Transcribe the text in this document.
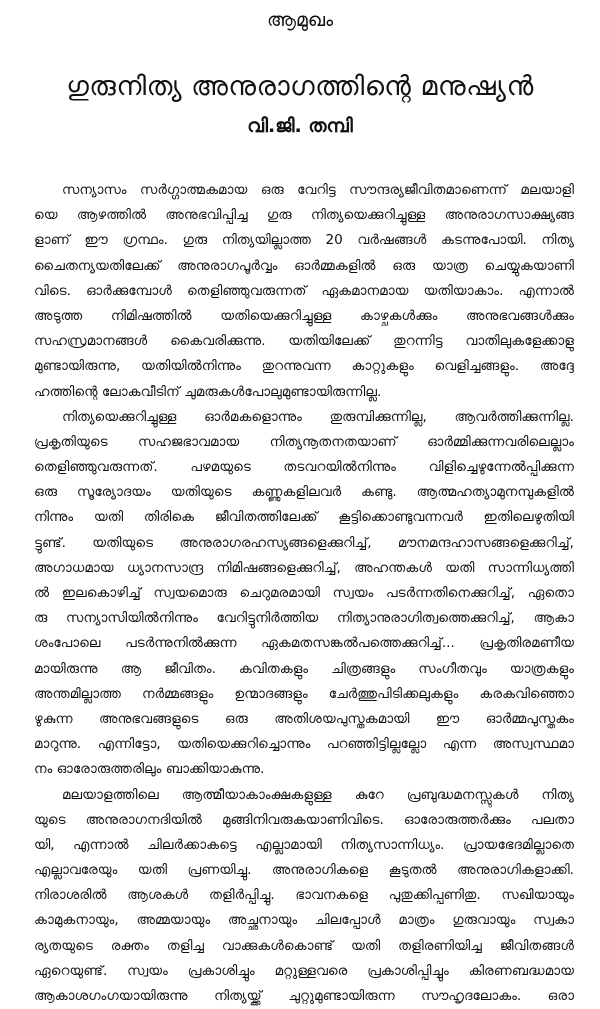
ആമുഖം
ഗുരുനിത്യ അനുരാഗത്തിന്റെ മനുഷ്യൻ
വി.ജി. തമ്പി
സന്യാസം സർഗ്ഗാത്മകമായ ഒരു വേറിട്ട സൗന്ദര്യജീവിതമാണെന്ന് മലയാളി
യെ ആഴത്തിൽ അനുഭവിപ്പിച്ച ഗുരു നിത്യയെക്കുറിച്ചുള്ള അനുരാഗസാക്ഷ്യങ്ങ
ളാണ് ഈ ഗ്രന്ഥം. ഗുരു നിത്യയില്ലാത്ത 20 വർഷങ്ങൾ കടന്നുപോയി. നിത്യ
ചൈതന്യയതിലേക്ക് അനുരാഗപൂർവ്വം ഓർമ്മകളിൽ ഒരു യാത്ര ചെയ്യുകയാണി
വിടെ. ഓർക്കുമ്പോൾ തെളിഞ്ഞുവരുന്നത് ഏകമാനമായ യതിയാകാം. എന്നാൽ
അടുത്ത നിമിഷത്തിൽ യതിയെക്കുറിച്ചുള്ള കാഴ്ചകൾക്കും അനുഭവങ്ങൾക്കും
സഹസ്രമാനങ്ങൾ കൈവരിക്കുന്നു. യതിയിലേക്ക് തുറന്നിട്ട വാതിലുകളേക്കാളു
മുണ്ടായിരുന്നു, യതിയിൽനിന്നും തുറന്നുവന്ന കാറ്റുകളും വെളിച്ചങ്ങളും. അദ്ദേ
ഹത്തിന്റെ ലോകവീടിന് ചുമരുകൾപോലുമുണ്ടായിരുന്നില്ല.
നിത്യയെക്കുറിച്ചുള്ള ഓർമകളൊന്നും തുരുമ്പിക്കുന്നില്ല, ആവർത്തിക്കുന്നില്ല.
പ്രകൃതിയുടെ സഹജഭാവമായ നിത്യനൂതനതയാണ് ഓർമ്മിക്കുന്നവരിലെല്ലാം
തെളിഞ്ഞുവരുന്നത്. പഴമയുടെ തടവറയിൽനിന്നും വിളിച്ചെഴുന്നേൽപ്പിക്കുന്ന
ഒരു സൂര്യോദയം യതിയുടെ കണ്ണുകളിലവർ കണ്ടു. ആത്മഹത്യാമുനമ്പുകളിൽ
നിന്നും യതി തിരികെ ജീവിതത്തിലേക്ക് കൂട്ടിക്കൊണ്ടുവന്നവർ ഇതിലെഴുതിയി
ട്ടുണ്ട്. യതിയുടെ അനുരാഗരഹസ്യങ്ങളെക്കുറിച്ച്, മൗനമന്ദഹാസങ്ങളെക്കുറിച്ച്,
അഗാധമായ ധ്യാനസാന്ദ്ര നിമിഷങ്ങളെക്കുറിച്ച്, അഹന്തകൾ യതി സാന്നിധ്യത്തി
ൽ ഇലകൊഴിച്ച് സ്വയമൊരു ചെറുമരമായി സ്വയം പടർന്നതിനെക്കുറിച്ച്, ഏതൊ
രു സന്യാസിയിൽനിന്നും വേറിട്ടുനിർത്തിയ നിത്യാനുരാഗിത്വത്തെക്കുറിച്ച്, ആകാ
ശംപോലെ പടർന്നുനിൽക്കുന്ന ഏകമതസങ്കൽപത്തെക്കുറിച്ച്... പ്രകൃതിരമണീയ
മായിരുന്നു ആ ജീവിതം. കവിതകളും ചിത്രങ്ങളും സംഗീതവും യാത്രകളും
അന്തമില്ലാത്ത നർമ്മങ്ങളും ഉന്മാദങ്ങളും ചേർത്തുപിടിക്കലുകളും കരകവിഞ്ഞൊ
ഴുകുന്ന അനുഭവങ്ങളുടെ ഒരു അതിശയപുസ്തകമായി ഈ ഓർമ്മപുസ്തകം
മാറുന്നു. എന്നിട്ടോ, യതിയെക്കുറിച്ചൊന്നും പറഞ്ഞിട്ടില്ലല്ലോ എന്ന അസ്വസ്ഥമാ
നം ഓരോരുത്തരിലും ബാക്കിയാകുന്നു.
മലയാളത്തിലെ ആത്മീയാകാംക്ഷകളുള്ള കുറേ പ്രബുദ്ധമനസ്സുകൾ നിത്യ
യുടെ അനുരാഗനദിയിൽ മുങ്ങിനിവരുകയാണിവിടെ. ഓരോരുത്തർക്കും പലതാ
യി, എന്നാൽ ചിലർക്കാകട്ടെ എല്ലാമായി നിത്യസാന്നിധ്യം. പ്രായഭേദമില്ലാതെ
എല്ലാവരേയും യതി പ്രണയിച്ചു. അനുരാഗികളെ കൂടുതൽ അനുരാഗികളാക്കി.
നിരാശരിൽ ആശകൾ തളിർപ്പിച്ചു. ഭാവനകളെ പുതുക്കിപ്പണിതു. സഖിയായും
കാമുകനായും, അമ്മയായും അച്ഛനായും ചിലപ്പോൾ മാത്രം ഗുരുവായും സ്വകാ
ര്യതയുടെ രക്തം തളിച്ച വാക്കുകൾകൊണ്ട് യതി തളിരണിയിച്ച ജീവിതങ്ങൾ
ഏറെയുണ്ട്. സ്വയം പ്രകാശിച്ചും മറ്റുള്ളവരെ പ്രകാശിപ്പിച്ചും കിരണബദ്ധമായ
ആകാശഗംഗയായിരുന്നു നിത്യയ്ക്ക് ചുറ്റുമുണ്ടായിരുന്ന സൗഹൃദലോകം. ഒരാ
